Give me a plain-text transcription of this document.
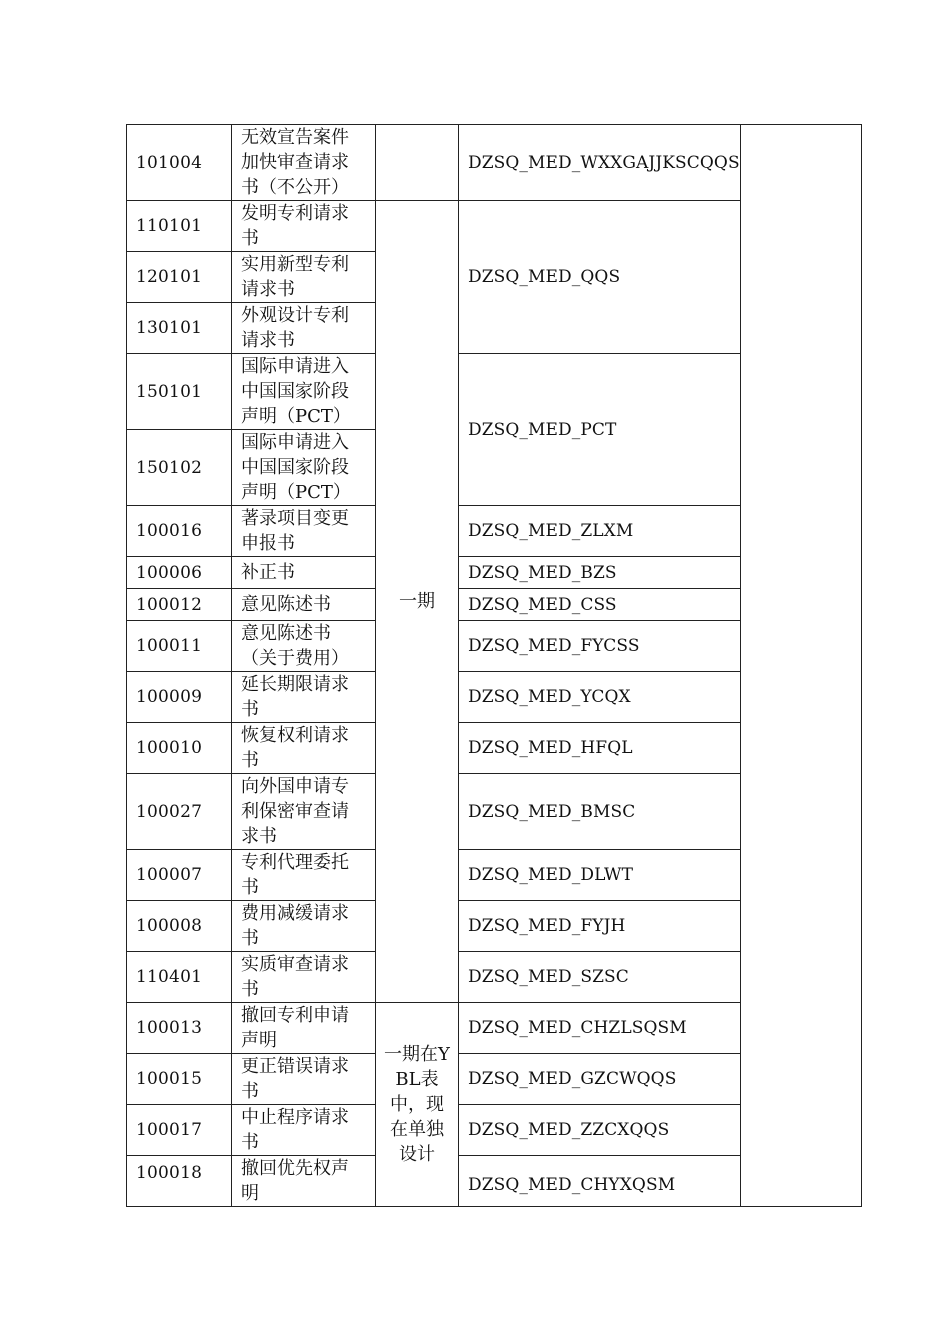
101004	无效宣告案件加快审查请求书（不公开）		DZSQ_MED_WXXGAJJKSCQQS	
110101	发明专利请求书	一期	DZSQ_MED_QQS	
120101	实用新型专利请求书			

130101	外观设计专利请求书			

150101	国际申请进入中国国家阶段声明（PCT）		DZSQ_MED_PCT	
150102	国际申请进入中国国家阶段声明（PCT）			

100016	著录项目变更申报书		DZSQ_MED_ZLXM	
100006	补正书		DZSQ_MED_BZS	
100012	意见陈述书		DZSQ_MED_CSS	
100011	意见陈述书（关于费用）		DZSQ_MED_FYCSS	
100009	延长期限请求书		DZSQ_MED_YCQX	
100010	恢复权利请求书		DZSQ_MED_HFQL	
100027	向外国申请专利保密审查请求书		DZSQ_MED_BMSC	
100007	专利代理委托书		DZSQ_MED_DLWT	
100008	费用减缓请求书		DZSQ_MED_FYJH	
110401	实质审查请求书		DZSQ_MED_SZSC	
100013	撤回专利申请声明	一期在YBL表中，现在单独设计	DZSQ_MED_CHZLSQSM	
100015	更正错误请求书		DZSQ_MED_GZCWQQS	
100017	中止程序请求书		DZSQ_MED_ZZCXQQS	
100018	撤回优先权声明		DZSQ_MED_CHYXQSM	
